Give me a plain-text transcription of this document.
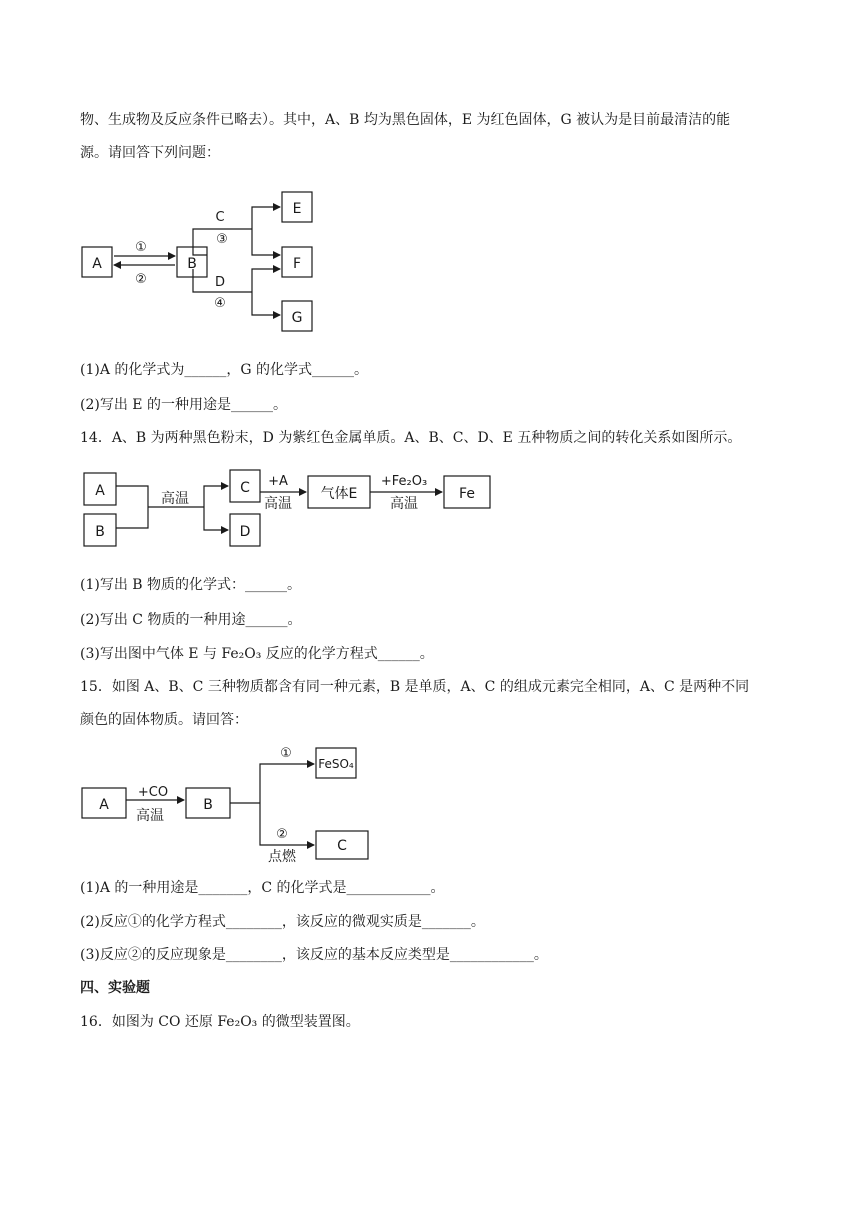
物、生成物及反应条件已略去）。其中，A、B 均为黑色固体，E 为红色固体，G 被认为是目前最清洁的能

源。请回答下列问题：

A
①
②
B
C
③
D
④
E
F
G

(1)A 的化学式为______，G 的化学式______。

(2)写出 E 的一种用途是______。

14．A、B 为两种黑色粉末，D 为紫红色金属单质。A、B、C、D、E 五种物质之间的转化关系如图所示。

A
B
高温
C
D
+A
高温
气体E
+Fe₂O₃
高温
Fe

(1)写出 B 物质的化学式：______。

(2)写出 C 物质的一种用途______。

(3)写出图中气体 E 与 Fe₂O₃ 反应的化学方程式______。

15．如图 A、B、C 三种物质都含有同一种元素，B 是单质，A、C 的组成元素完全相同，A、C 是两种不同

颜色的固体物质。请回答：

A
+CO
高温
B
①
②
点燃
FeSO₄
C

(1)A 的一种用途是_______，C 的化学式是____________。

(2)反应①的化学方程式________，该反应的微观实质是_______。

(3)反应②的反应现象是________，该反应的基本反应类型是____________。

四、实验题

16．如图为 CO 还原 Fe₂O₃ 的微型装置图。
